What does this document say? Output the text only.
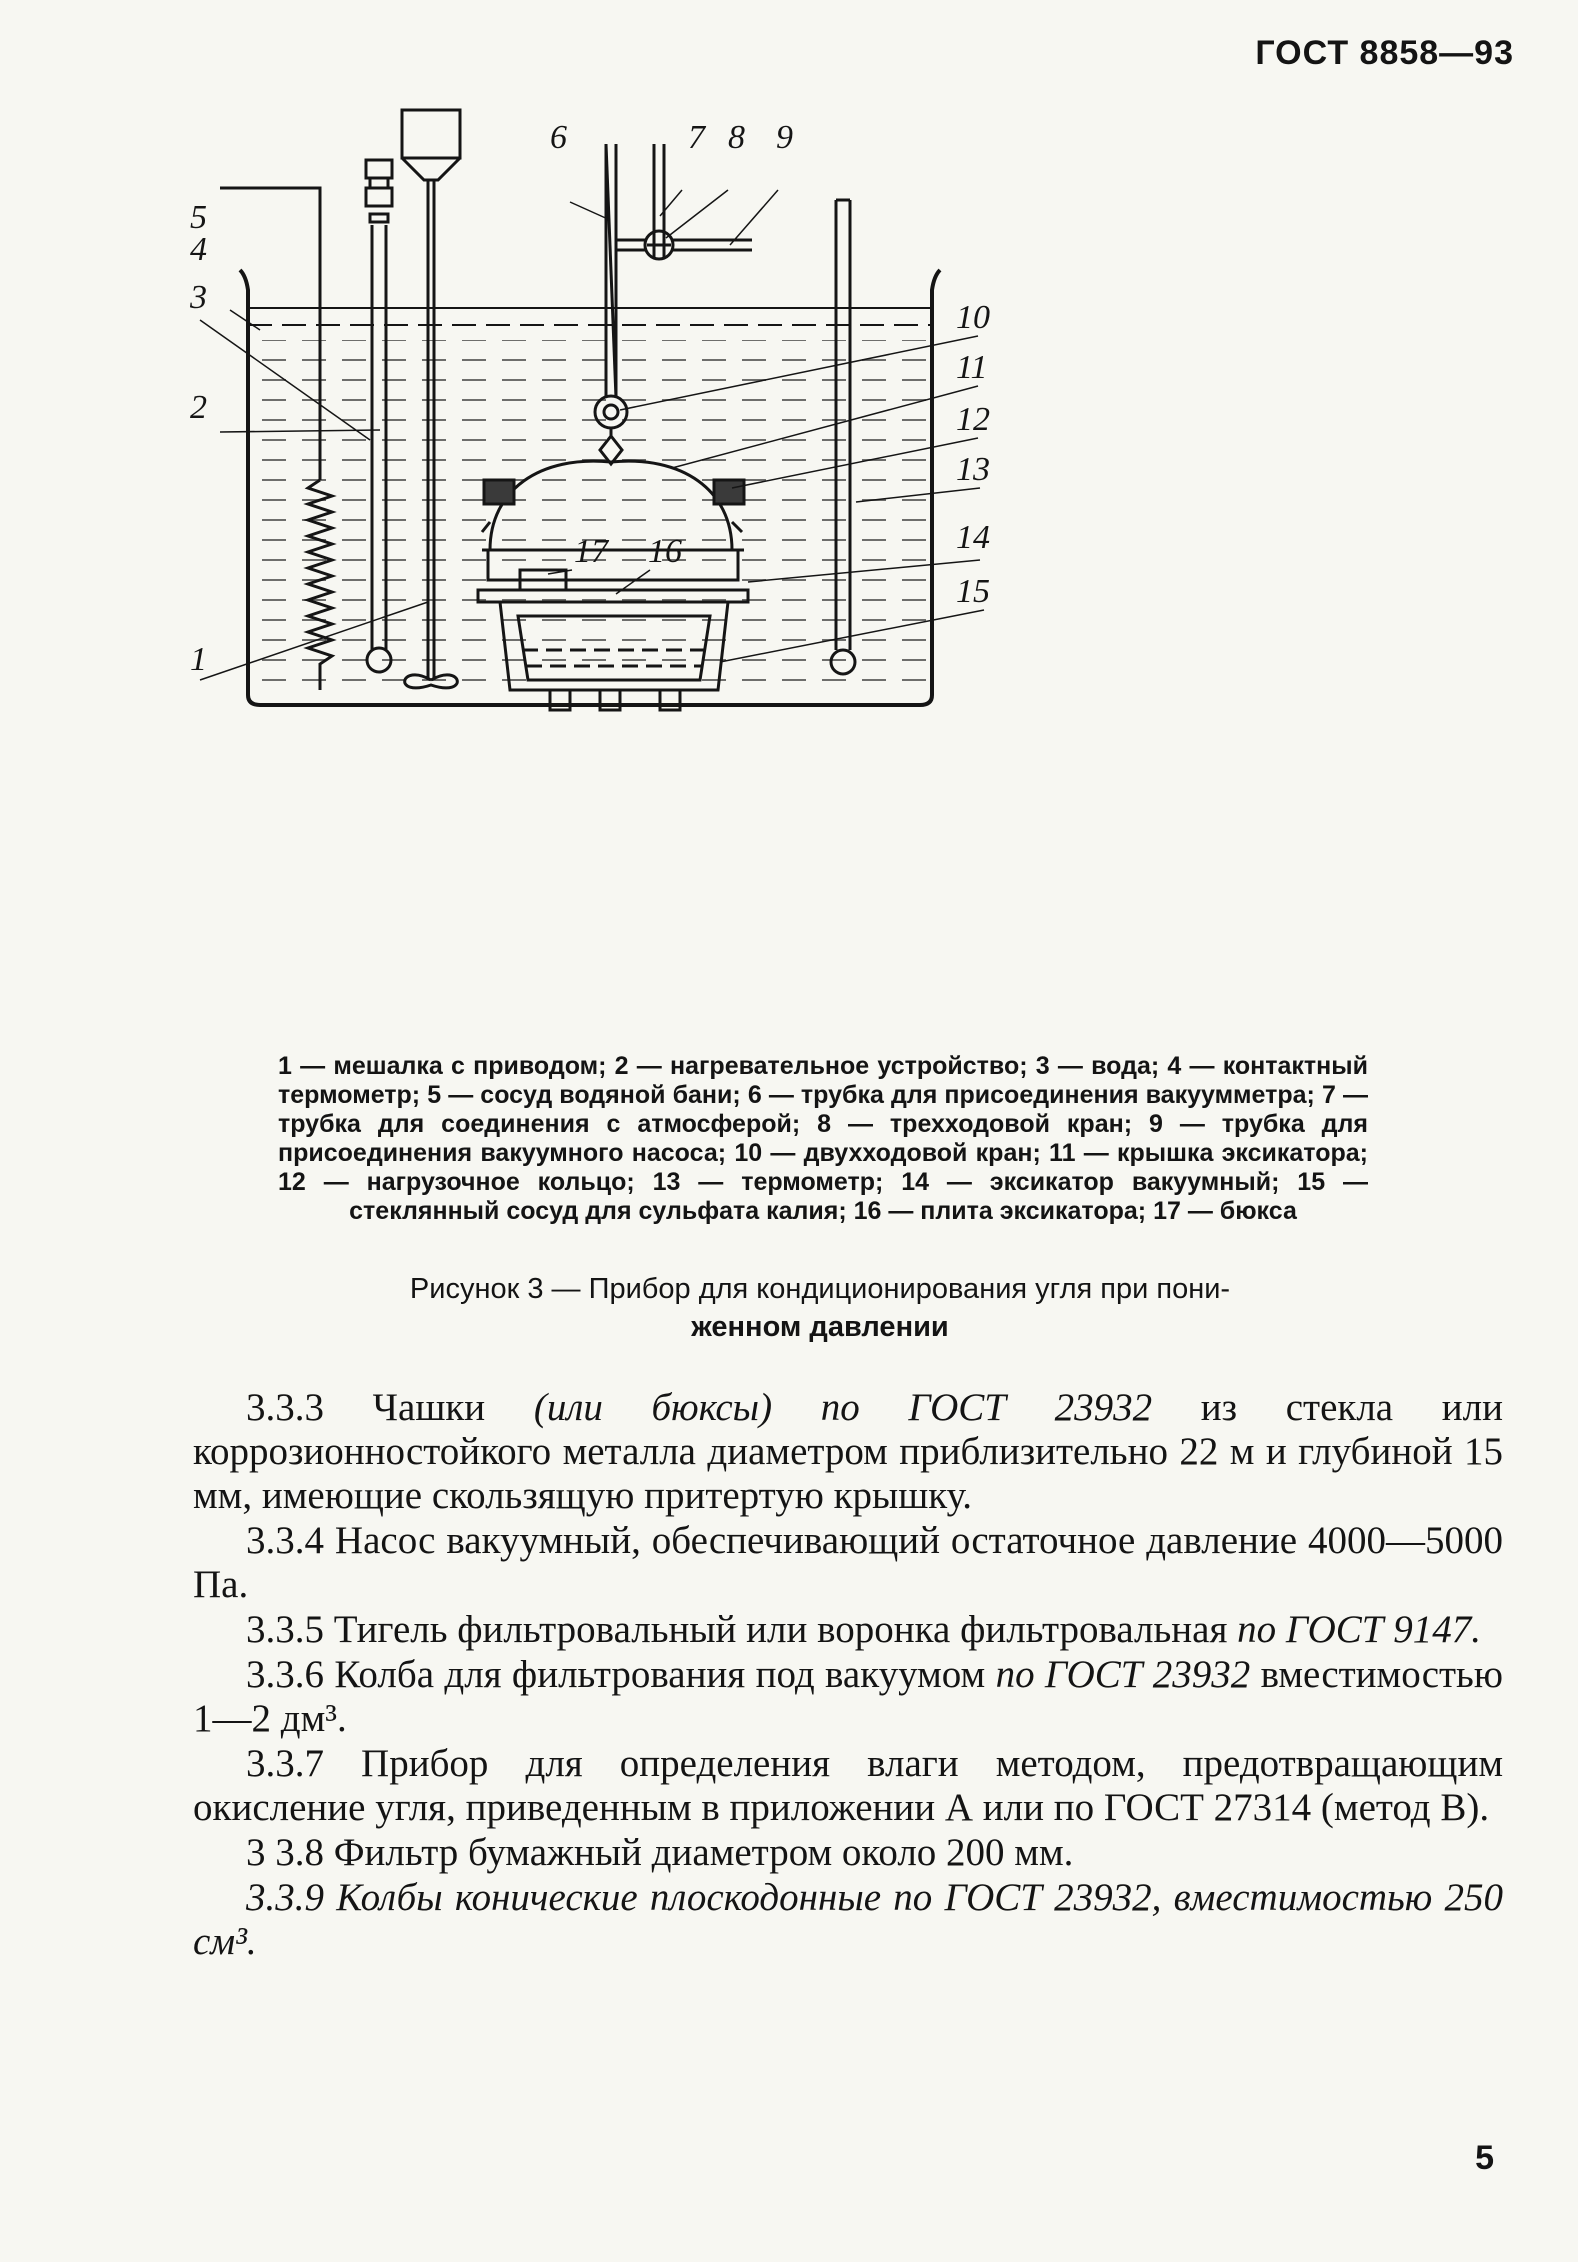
ГОСТ 8858—93
1
2
3
4
5
6	7 8 9
10
11
12
13
14
15
16
17
1 — мешалка с приводом; 2 — нагревательное устройство; 3 — вода; 4 — контактный термометр; 5 — сосуд водяной бани; 6 — трубка для присоединения вакуумметра; 7 — трубка для соединения с атмосферой; 8 — трехходовой кран; 9 — трубка для присоединения вакуумного насоса; 10 — двухходовой кран; 11 — крышка эксикатора; 12 — нагрузочное кольцо; 13 — термометр; 14 — эксикатор вакуумный; 15 — стеклянный сосуд для сульфата калия; 16 — плита эксикатора; 17 — бюкса
Рисунок 3 — Прибор для кондиционирования угля при пони-
женном давлении

3.3.3 Чашки (или бюксы) по ГОСТ 23932 из стекла или коррозионностойкого металла диаметром приблизительно 22 м и глубиной 15 мм, имеющие скользящую притертую крышку.

3.3.4 Насос вакуумный, обеспечивающий остаточное давление 4000—5000 Па.

3.3.5 Тигель фильтровальный или воронка фильтровальная по ГОСТ 9147.

3.3.6 Колба для фильтрования под вакуумом по ГОСТ 23932 вместимостью 1—2 дм³.

3.3.7 Прибор для определения влаги методом, предотвращающим окисление угля, приведенным в приложении А или по ГОСТ 27314 (метод В).

3 3.8 Фильтр бумажный диаметром около 200 мм.

3.3.9 Колбы конические плоскодонные по ГОСТ 23932, вместимостью 250 см³.

5
